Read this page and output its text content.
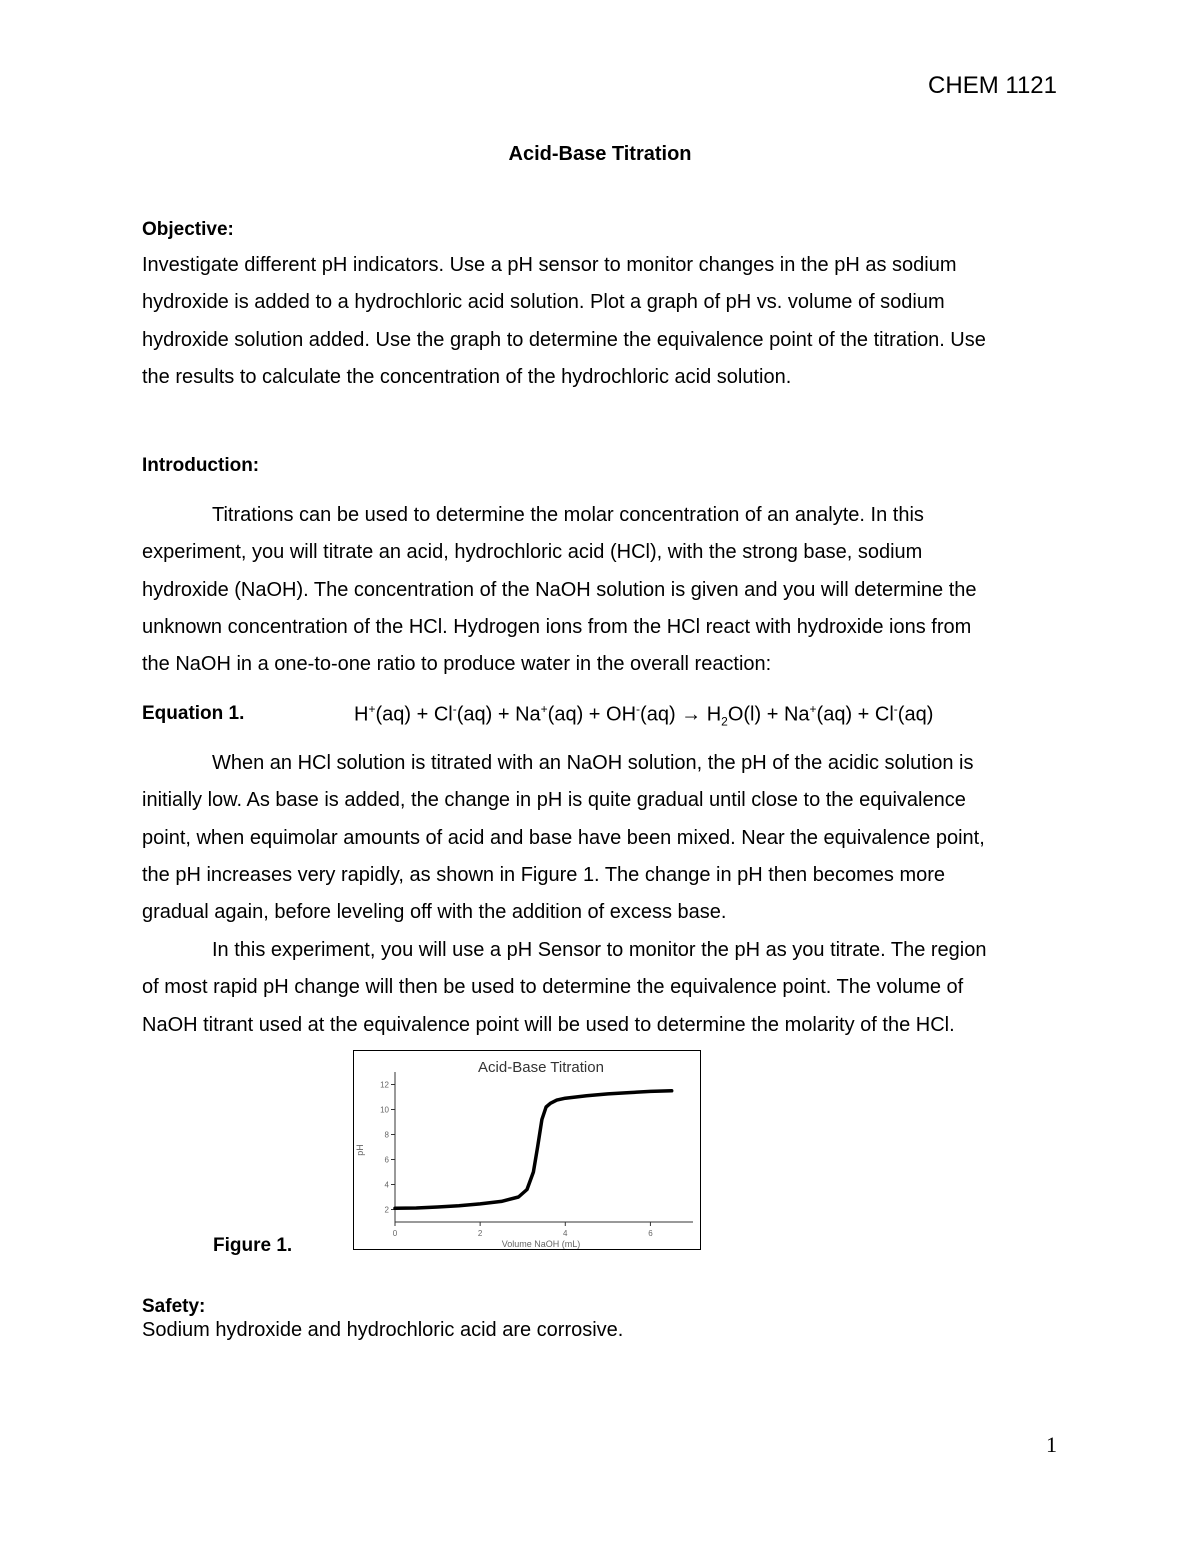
CHEM 1121
Acid-Base Titration
Objective:
Investigate different pH indicators. Use a pH sensor to monitor changes in the pH as sodium
hydroxide is added to a hydrochloric acid solution. Plot a graph of pH vs. volume of sodium
hydroxide solution added. Use the graph to determine the equivalence point of the titration. Use
the results to calculate the concentration of the hydrochloric acid solution.
Introduction:
Titrations can be used to determine the molar concentration of an analyte. In this
experiment, you will titrate an acid, hydrochloric acid (HCl), with the strong base, sodium
hydroxide (NaOH). The concentration of the NaOH solution is given and you will determine the
unknown concentration of the HCl. Hydrogen ions from the HCl react with hydroxide ions from
the NaOH in a one-to-one ratio to produce water in the overall reaction:
Equation 1.	$H^+(aq) + Cl^-(aq) + Na^+(aq) + OH^-(aq) \to H_2O(l) + Na^+(aq) + Cl^-(aq)$
When an HCl solution is titrated with an NaOH solution, the pH of the acidic solution is
initially low. As base is added, the change in pH is quite gradual until close to the equivalence
point, when equimolar amounts of acid and base have been mixed. Near the equivalence point,
the pH increases very rapidly, as shown in Figure 1. The change in pH then becomes more
gradual again, before leveling off with the addition of excess base.
In this experiment, you will use a pH Sensor to monitor the pH as you titrate. The region
of most rapid pH change will then be used to determine the equivalence point. The volume of
NaOH titrant used at the equivalence point will be used to determine the molarity of the HCl.
Acid-Base Titration
pH
Volume NaOH (mL)
2
4
6
8
10
12
0	2	4	6
Figure 1.
Safety:
Sodium hydroxide and hydrochloric acid are corrosive.
1
